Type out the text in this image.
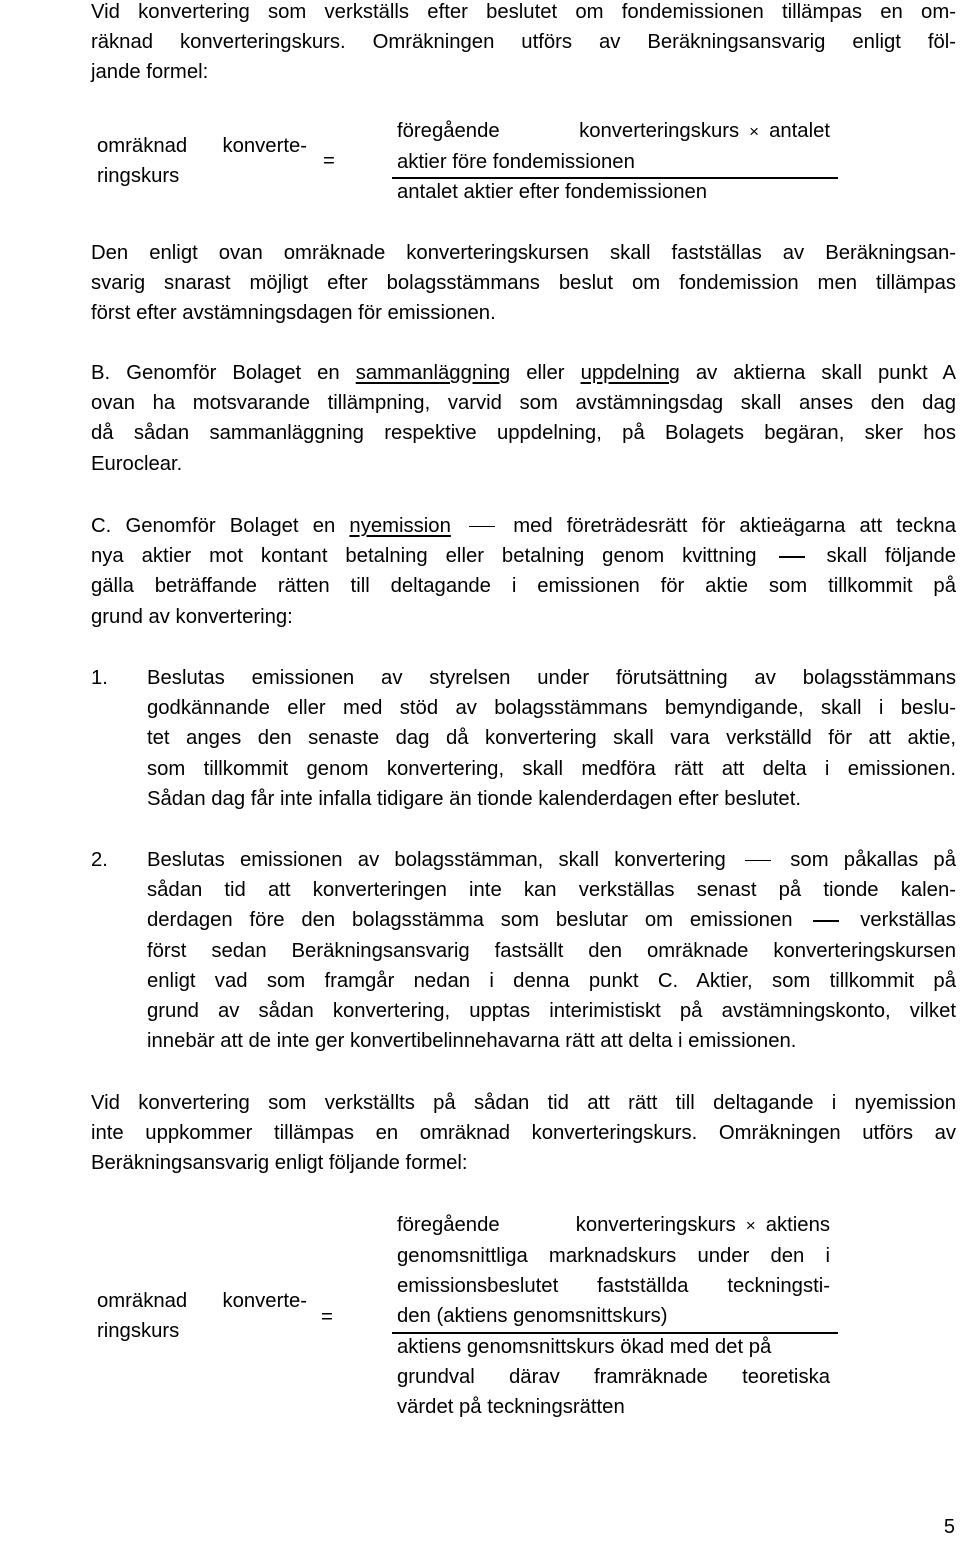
Vid konvertering som verkställs efter beslutet om fondemissionen tillämpas en om-
räknad konverteringskurs. Omräkningen utförs av Beräkningsansvarig enligt föl-
jande formel:
omräknad konverte-
ringskurs
=
föregående konverteringskurs × antalet
aktier före fondemissionen
antalet aktier efter fondemissionen
Den enligt ovan omräknade konverteringskursen skall fastställas av Beräkningsan-
svarig snarast möjligt efter bolagsstämmans beslut om fondemission men tillämpas
först efter avstämningsdagen för emissionen.
B. Genomför Bolaget en sammanläggning eller uppdelning av aktierna skall punkt A
ovan ha motsvarande tillämpning, varvid som avstämningsdag skall anses den dag
då sådan sammanläggning respektive uppdelning, på Bolagets begäran, sker hos
Euroclear.
C. Genomför Bolaget en nyemission	med företrädesrätt för aktieägarna att teckna
nya aktier mot kontant betalning eller betalning genom kvittning	skall följande
gälla beträffande rätten till deltagande i emissionen för aktie som tillkommit på
grund av konvertering:
1. Beslutas emissionen av styrelsen under förutsättning av bolagsstämmans
godkännande eller med stöd av bolagsstämmans bemyndigande, skall i beslu-
tet anges den senaste dag då konvertering skall vara verkställd för att aktie,
som tillkommit genom konvertering, skall medföra rätt att delta i emissionen.
Sådan dag får inte infalla tidigare än tionde kalenderdagen efter beslutet.
2. Beslutas emissionen av bolagsstämman, skall konvertering	som påkallas på
sådan tid att konverteringen inte kan verkställas senast på tionde kalen-
derdagen före den bolagsstämma som beslutar om emissionen	verkställas
först sedan Beräkningsansvarig fastsällt den omräknade konverteringskursen
enligt vad som framgår nedan i denna punkt C. Aktier, som tillkommit på
grund av sådan konvertering, upptas interimistiskt på avstämningskonto, vilket
innebär att de inte ger konvertibelinnehavarna rätt att delta i emissionen.
Vid konvertering som verkställts på sådan tid att rätt till deltagande i nyemission
inte uppkommer tillämpas en omräknad konverteringskurs. Omräkningen utförs av
Beräkningsansvarig enligt följande formel:
omräknad konverte-
ringskurs
=
föregående konverteringskurs × aktiens
genomsnittliga marknadskurs under den i
emissionsbeslutet fastställda teckningsti-
den (aktiens genomsnittskurs)
aktiens genomsnittskurs ökad med det på
grundval därav framräknade teoretiska
värdet på teckningsrätten
5
